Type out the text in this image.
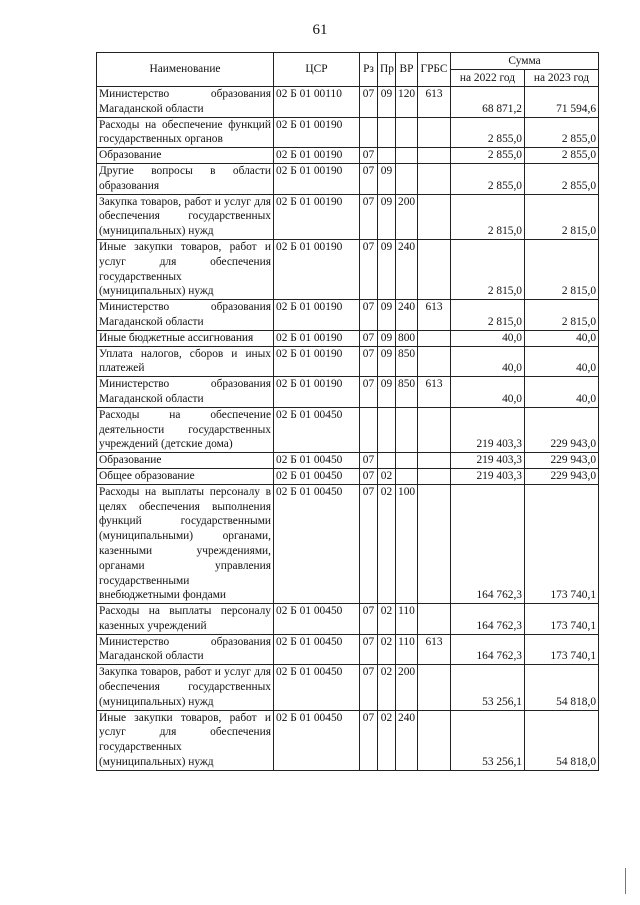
61
Наименование	ЦСР	Рз	Пр	ВР	ГРБС	Сумма	
						на 2022 год	на 2023 год
Министерство образования Магаданской области	02 Б 01 00110	07	09	120	613	68 871,2	71 594,6
Расходы на обеспечение функций государственных органов	02 Б 01 00190					2 855,0	2 855,0
Образование	02 Б 01 00190	07				2 855,0	2 855,0
Другие вопросы в области образования	02 Б 01 00190	07	09			2 855,0	2 855,0
Закупка товаров, работ и услуг для обеспечения государственных (муниципальных) нужд	02 Б 01 00190	07	09	200		2 815,0	2 815,0
Иные закупки товаров, работ и услуг для обеспечения государственных (муниципальных) нужд	02 Б 01 00190	07	09	240		2 815,0	2 815,0
Министерство образования Магаданской области	02 Б 01 00190	07	09	240	613	2 815,0	2 815,0
Иные бюджетные ассигнования	02 Б 01 00190	07	09	800		40,0	40,0
Уплата налогов, сборов и иных платежей	02 Б 01 00190	07	09	850		40,0	40,0
Министерство образования Магаданской области	02 Б 01 00190	07	09	850	613	40,0	40,0
Расходы на обеспечение деятельности государственных учреждений (детские дома)	02 Б 01 00450					219 403,3	229 943,0
Образование	02 Б 01 00450	07				219 403,3	229 943,0
Общее образование	02 Б 01 00450	07	02			219 403,3	229 943,0
Расходы на выплаты персоналу в целях обеспечения выполнения функций государственными (муниципальными) органами, казенными учреждениями, органами управления государственными внебюджетными фондами	02 Б 01 00450	07	02	100		164 762,3	173 740,1
Расходы на выплаты персоналу казенных учреждений	02 Б 01 00450	07	02	110		164 762,3	173 740,1
Министерство образования Магаданской области	02 Б 01 00450	07	02	110	613	164 762,3	173 740,1
Закупка товаров, работ и услуг для обеспечения государственных (муниципальных) нужд	02 Б 01 00450	07	02	200		53 256,1	54 818,0
Иные закупки товаров, работ и услуг для обеспечения государственных (муниципальных) нужд	02 Б 01 00450	07	02	240		53 256,1	54 818,0
